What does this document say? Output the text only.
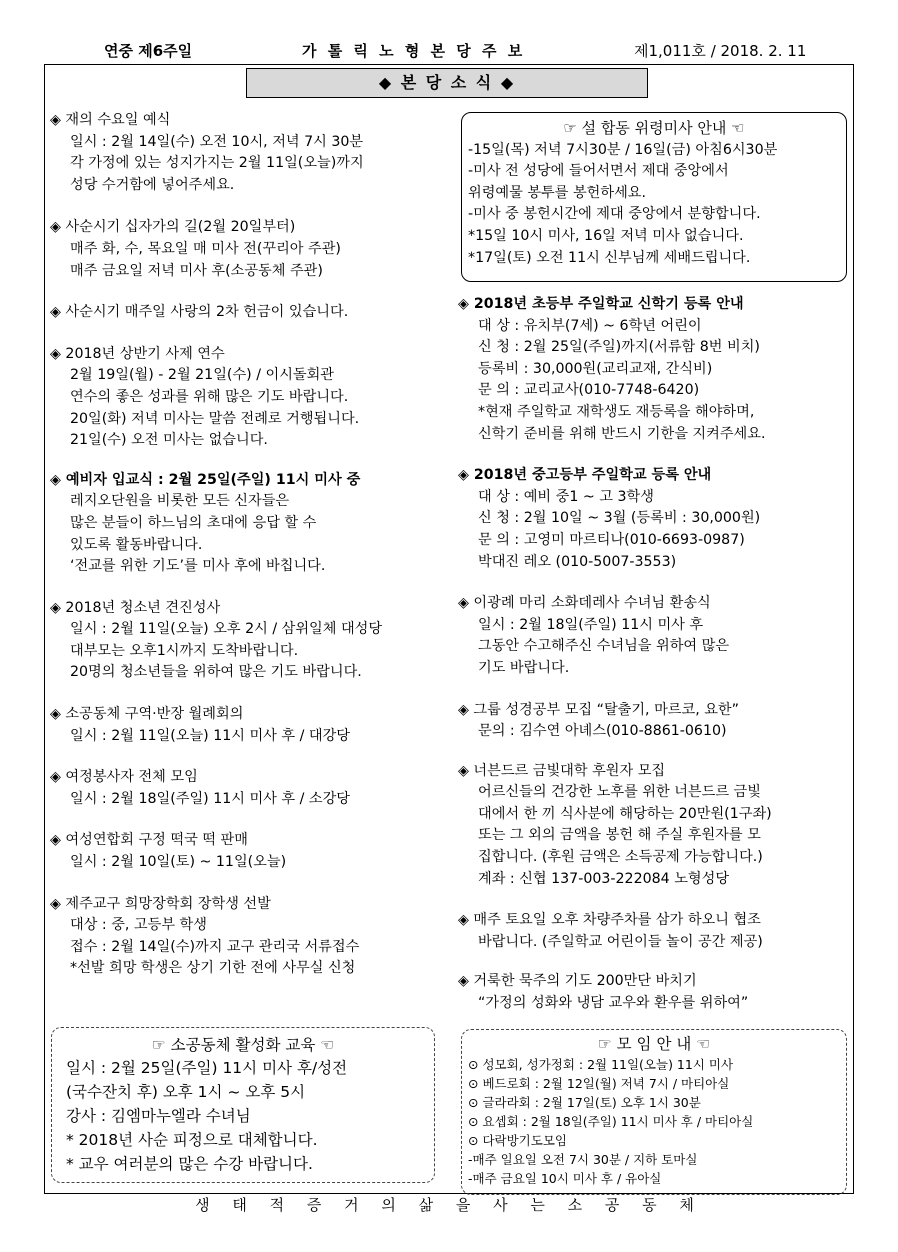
연중 제6주일	가 톨 릭 노 형 본 당 주 보	제1,011호 / 2018. 2. 11
◆ 본 당 소 식 ◆
◈ 재의 수요일 예식
일시 : 2월 14일(수) 오전 10시, 저녁 7시 30분
각 가정에 있는 성지가지는 2월 11일(오늘)까지
성당 수거함에 넣어주세요.
◈ 사순시기 십자가의 길(2월 20일부터)
매주 화, 수, 목요일 매 미사 전(꾸리아 주관)
매주 금요일 저녁 미사 후(소공동체 주관)
◈ 사순시기 매주일 사랑의 2차 헌금이 있습니다.
◈ 2018년 상반기 사제 연수
2월 19일(월) - 2월 21일(수) / 이시돌회관
연수의 좋은 성과를 위해 많은 기도 바랍니다.
20일(화) 저녁 미사는 말씀 전례로 거행됩니다.
21일(수) 오전 미사는 없습니다.
◈ 예비자 입교식 : 2월 25일(주일) 11시 미사 중
레지오단원을 비롯한 모든 신자들은
많은 분들이 하느님의 초대에 응답 할 수
있도록 활동바랍니다.
‘전교를 위한 기도’를 미사 후에 바칩니다.
◈ 2018년 청소년 견진성사
일시 : 2월 11일(오늘) 오후 2시 / 삼위일체 대성당
대부모는 오후1시까지 도착바랍니다.
20명의 청소년들을 위하여 많은 기도 바랍니다.
◈ 소공동체 구역·반장 월례회의
일시 : 2월 11일(오늘) 11시 미사 후 / 대강당
◈ 여정봉사자 전체 모임
일시 : 2월 18일(주일) 11시 미사 후 / 소강당
◈ 여성연합회 구정 떡국 떡 판매
일시 : 2월 10일(토) ~ 11일(오늘)
◈ 제주교구 희망장학회 장학생 선발
대상 : 중, 고등부 학생
접수 : 2월 14일(수)까지 교구 관리국 서류접수
*선발 희망 학생은 상기 기한 전에 사무실 신청
☞ 설 합동 위령미사 안내 ☜
-15일(목) 저녁 7시30분 / 16일(금) 아침6시30분
-미사 전 성당에 들어서면서 제대 중앙에서
위령예물 봉투를 봉헌하세요.
-미사 중 봉헌시간에 제대 중앙에서 분향합니다.
*15일 10시 미사, 16일 저녁 미사 없습니다.
*17일(토) 오전 11시 신부님께 세배드립니다.
◈ 2018년 초등부 주일학교 신학기 등록 안내
대 상 : 유치부(7세) ~ 6학년 어린이
신 청 : 2월 25일(주일)까지(서류함 8번 비치)
등록비 : 30,000원(교리교재, 간식비)
문 의 : 교리교사(010-7748-6420)
*현재 주일학교 재학생도 재등록을 해야하며,
신학기 준비를 위해 반드시 기한을 지켜주세요.
◈ 2018년 중고등부 주일학교 등록 안내
대 상 : 예비 중1 ~ 고 3학생
신 청 : 2월 10일 ~ 3월 (등록비 : 30,000원)
문 의 : 고영미 마르티나(010-6693-0987)
박대진 레오 (010-5007-3553)
◈ 이광례 마리 소화데레사 수녀님 환송식
일시 : 2월 18일(주일) 11시 미사 후
그동안 수고해주신 수녀님을 위하여 많은
기도 바랍니다.
◈ 그룹 성경공부 모집 “탈출기, 마르코, 요한”
문의 : 김수연 아녜스(010-8861-0610)
◈ 너븐드르 금빛대학 후원자 모집
어르신들의 건강한 노후를 위한 너븐드르 금빛
대에서 한 끼 식사분에 해당하는 20만원(1구좌)
또는 그 외의 금액을 봉헌 해 주실 후원자를 모
집합니다. (후원 금액은 소득공제 가능합니다.)
계좌 : 신협 137-003-222084 노형성당
◈ 매주 토요일 오후 차량주차를 삼가 하오니 협조
바랍니다. (주일학교 어린이들 놀이 공간 제공)
◈ 거룩한 묵주의 기도 200만단 바치기
“가정의 성화와 냉담 교우와 환우를 위하여”
☞ 소공동체 활성화 교육 ☜
일시 : 2월 25일(주일) 11시 미사 후/성전
(국수잔치 후) 오후 1시 ~ 오후 5시
강사 : 김엠마누엘라 수녀님
* 2018년 사순 피정으로 대체합니다.
* 교우 여러분의 많은 수강 바랍니다.
☞ 모 임 안 내 ☜
⊙ 성모회, 성가정회 : 2월 11일(오늘) 11시 미사
⊙ 베드로회 : 2월 12일(월) 저녁 7시 / 마티아실
⊙ 글라라회 : 2월 17일(토) 오후 1시 30분
⊙ 요셉회 : 2월 18일(주일) 11시 미사 후 / 마티아실
⊙ 다락방기도모임
-매주 일요일 오전 7시 30분 / 지하 토마실
-매주 금요일 10시 미사 후 / 유아실
생 태 적 증 거 의 삶 을 사 는 소 공 동 체
